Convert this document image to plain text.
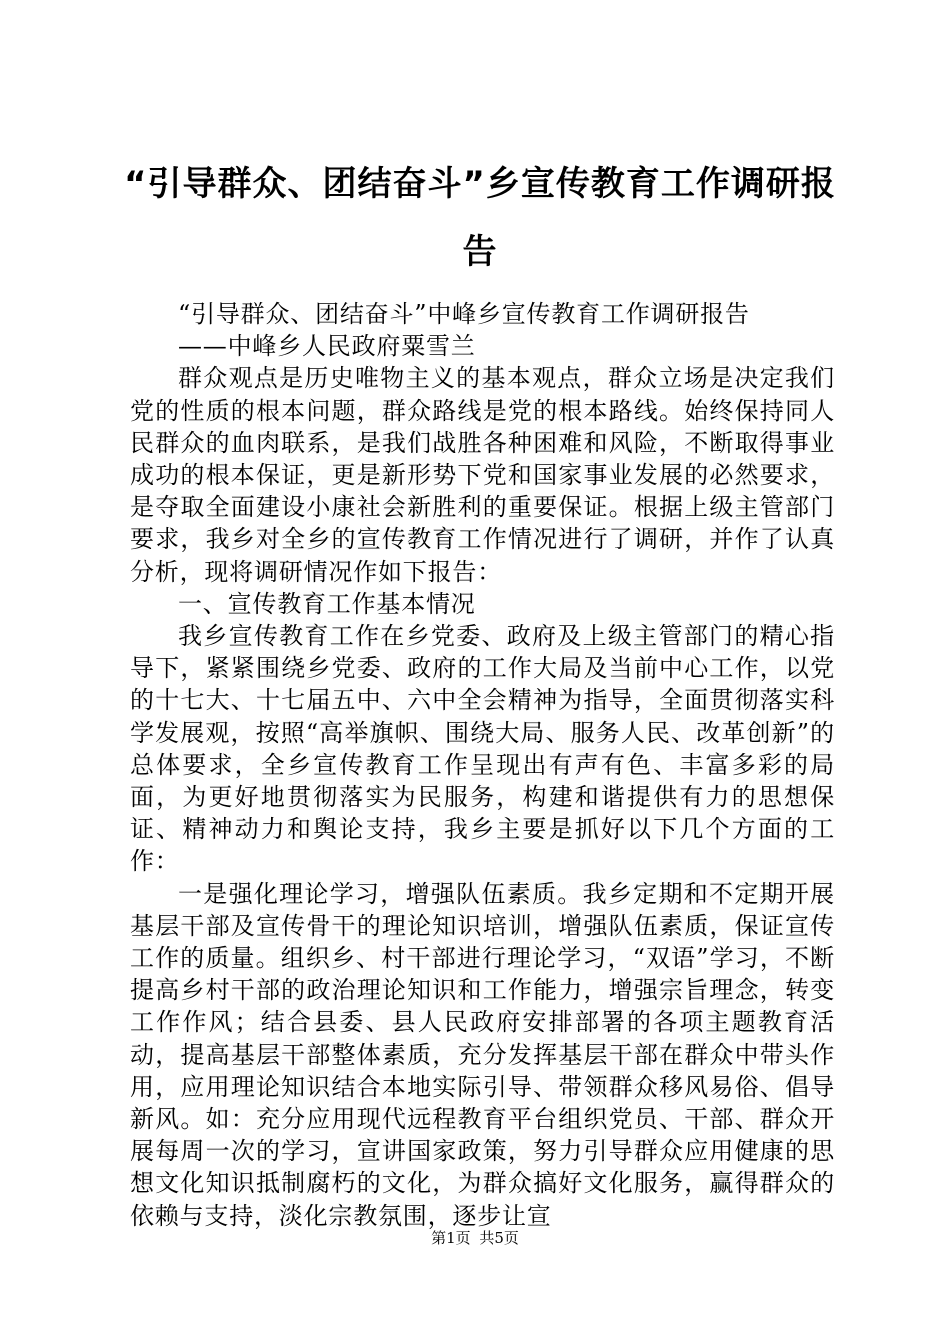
“引导群众、团结奋斗”乡宣传教育工作调研报告

“引导群众、团结奋斗”中峰乡宣传教育工作调研报告

——中峰乡人民政府粟雪兰

群众观点是历史唯物主义的基本观点，群众立场是决定我们党的性质的根本问题，群众路线是党的根本路线。始终保持同人民群众的血肉联系，是我们战胜各种困难和风险，不断取得事业成功的根本保证，更是新形势下党和国家事业发展的必然要求，是夺取全面建设小康社会新胜利的重要保证。根据上级主管部门要求，我乡对全乡的宣传教育工作情况进行了调研，并作了认真分析，现将调研情况作如下报告：

一、宣传教育工作基本情况

我乡宣传教育工作在乡党委、政府及上级主管部门的精心指导下，紧紧围绕乡党委、政府的工作大局及当前中心工作，以党的十七大、十七届五中、六中全会精神为指导，全面贯彻落实科学发展观，按照“高举旗帜、围绕大局、服务人民、改革创新”的总体要求，全乡宣传教育工作呈现出有声有色、丰富多彩的局面，为更好地贯彻落实为民服务，构建和谐提供有力的思想保证、精神动力和舆论支持，我乡主要是抓好以下几个方面的工作：

一是强化理论学习，增强队伍素质。我乡定期和不定期开展基层干部及宣传骨干的理论知识培训，增强队伍素质，保证宣传工作的质量。组织乡、村干部进行理论学习，“双语”学习，不断提高乡村干部的政治理论知识和工作能力，增强宗旨理念，转变工作作风；结合县委、县人民政府安排部署的各项主题教育活动，提高基层干部整体素质，充分发挥基层干部在群众中带头作用，应用理论知识结合本地实际引导、带领群众移风易俗、倡导新风。如：充分应用现代远程教育平台组织党员、干部、群众开展每周一次的学习，宣讲国家政策，努力引导群众应用健康的思想文化知识抵制腐朽的文化，为群众搞好文化服务，赢得群众的依赖与支持，淡化宗教氛围，逐步让宣

第1页 共5页
